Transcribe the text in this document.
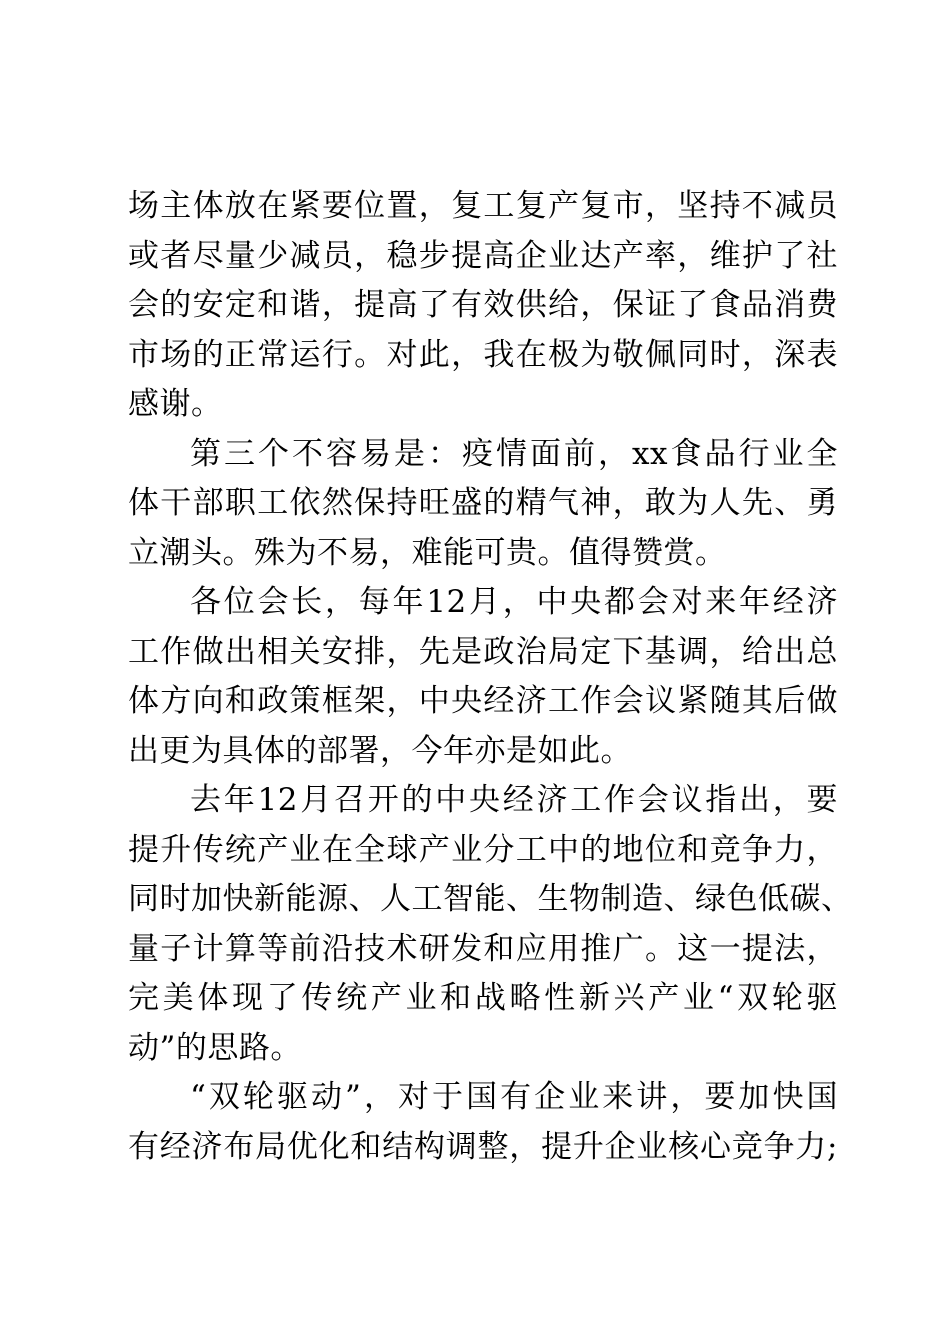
场主体放在紧要位置，复工复产复市，坚持不减员
或者尽量少减员，稳步提高企业达产率，维护了社
会的安定和谐，提高了有效供给，保证了食品消费
市场的正常运行。对此，我在极为敬佩同时，深表
感谢。

第三个不容易是：疫情面前，xx食品行业全
体干部职工依然保持旺盛的精气神，敢为人先、勇
立潮头。殊为不易，难能可贵。值得赞赏。

各位会长，每年12月，中央都会对来年经济
工作做出相关安排，先是政治局定下基调，给出总
体方向和政策框架，中央经济工作会议紧随其后做
出更为具体的部署，今年亦是如此。

去年12月召开的中央经济工作会议指出，要
提升传统产业在全球产业分工中的地位和竞争力，
同时加快新能源、人工智能、生物制造、绿色低碳、
量子计算等前沿技术研发和应用推广。这一提法，
完美体现了传统产业和战略性新兴产业“双轮驱
动”的思路。

“双轮驱动”，对于国有企业来讲，要加快国
有经济布局优化和结构调整，提升企业核心竞争力;
